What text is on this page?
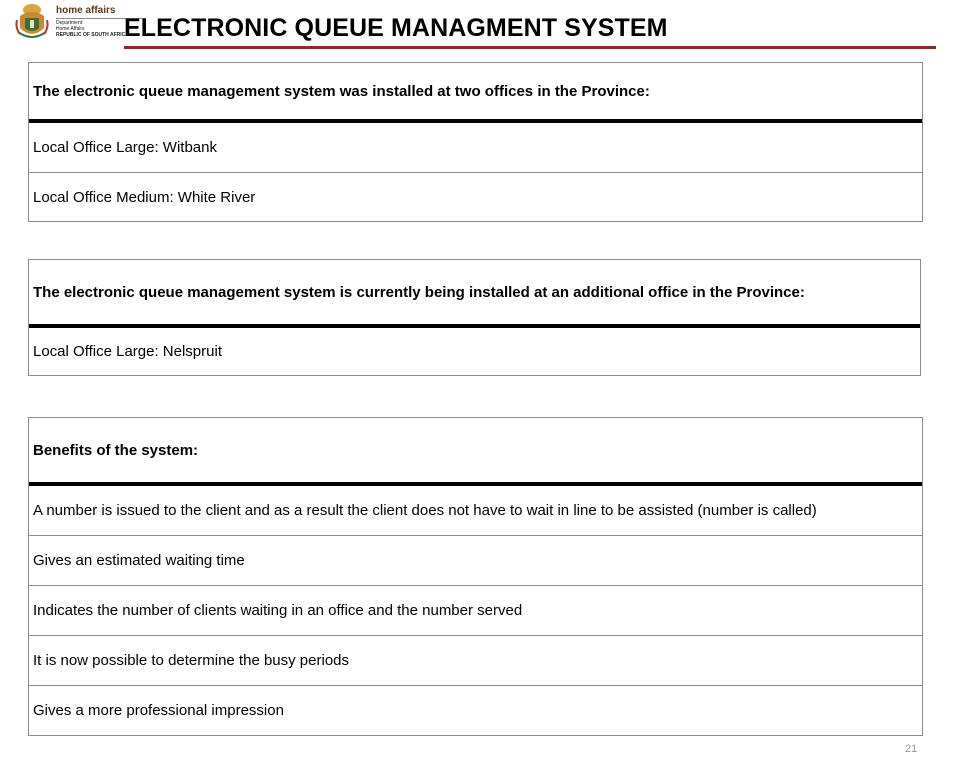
home affairs
Department:
Home Affairs
REPUBLIC OF SOUTH AFRICA
ELECTRONIC QUEUE MANAGMENT SYSTEM
The electronic queue management system was installed at two offices in the Province:
Local Office Large: Witbank
Local Office Medium: White River
The electronic queue management system is currently being installed at an additional office in the Province:
Local Office Large: Nelspruit
Benefits of the system:
A number is issued to the client and as a result the client does not have to wait in line to be assisted (number is called)
Gives an estimated waiting time
Indicates the number of clients waiting in an office and the number served
It is now possible to determine the busy periods
Gives a more professional impression
21
